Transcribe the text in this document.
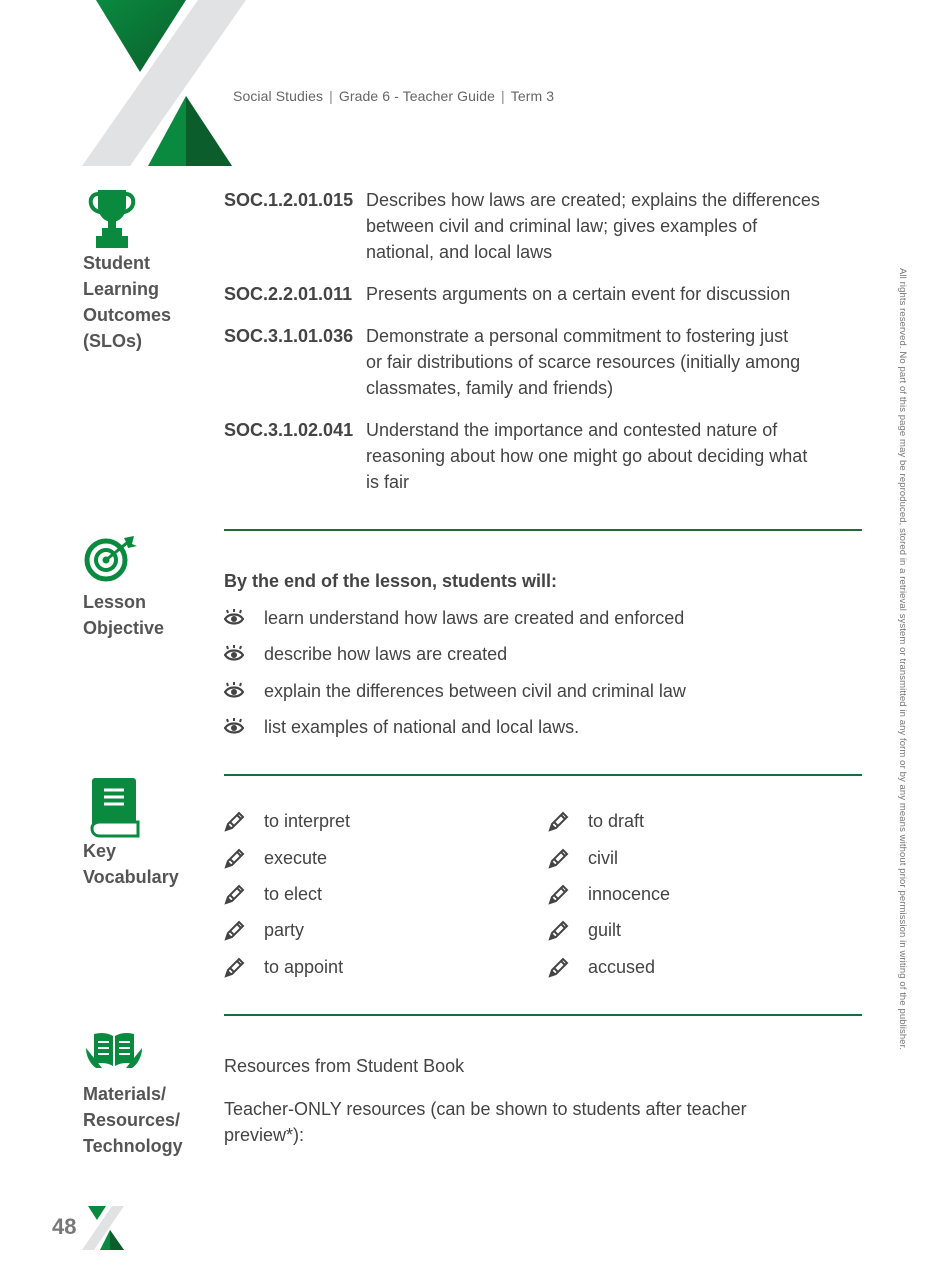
Social Studies | Grade 6 - Teacher Guide | Term 3
Student
Learning
Outcomes
(SLOs)
SOC.1.2.01.015 Describes how laws are created; explains the differences
between civil and criminal law; gives examples of
national, and local laws
SOC.2.2.01.011 Presents arguments on a certain event for discussion
SOC.3.1.01.036 Demonstrate a personal commitment to fostering just
or fair distributions of scarce resources (initially among
classmates, family and friends)
SOC.3.1.02.041 Understand the importance and contested nature of
reasoning about how one might go about deciding what
is fair
Lesson
Objective
By the end of the lesson, students will:
learn understand how laws are created and enforced
describe how laws are created
explain the differences between civil and criminal law
list examples of national and local laws.
Key
Vocabulary
to interpret
execute
to elect
party
to appoint
to draft
civil
innocence
guilt
accused
Materials/
Resources/
Technology
Resources from Student Book
Teacher-ONLY resources (can be shown to students after teacher
preview*):
All rights reserved. No part of this page may be reproduced, stored in a retrieval system or transmitted in any form or by any means without prior permission in writing of the publisher.
48
